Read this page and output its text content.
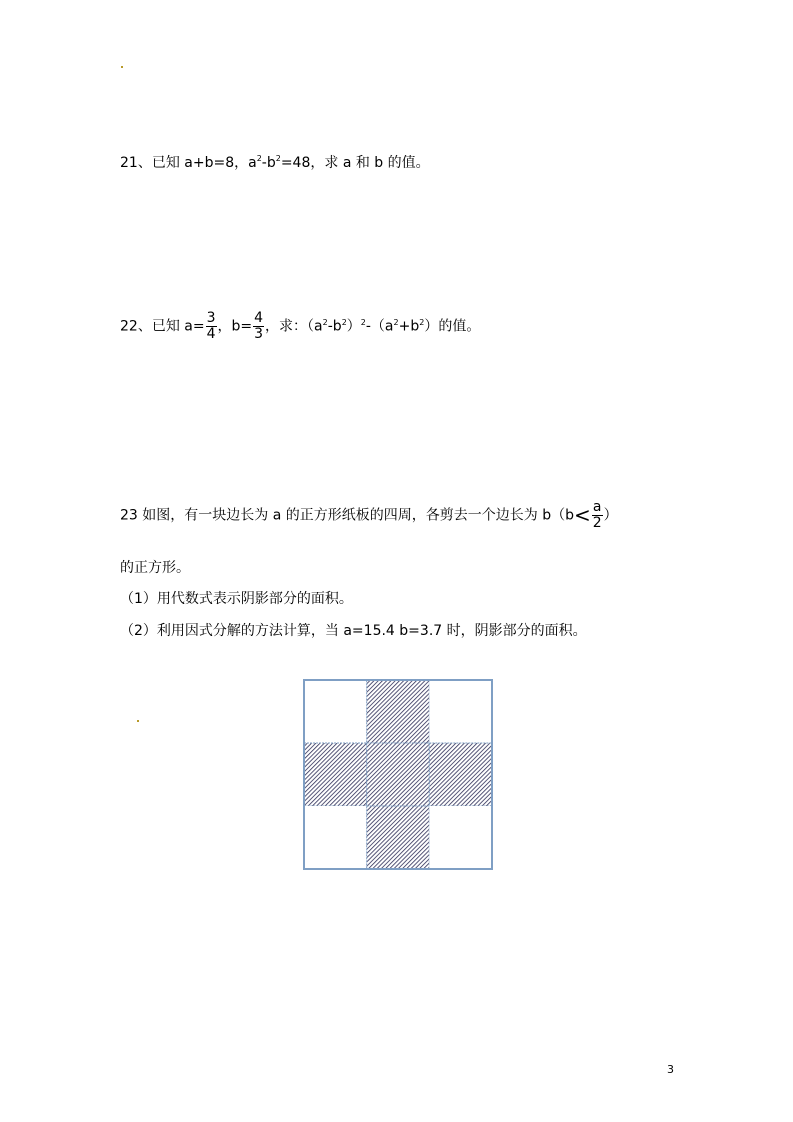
21、已知 a+b=8，$a^2-b^2=48$，求 a 和 b 的值。
22、已知 $a= \frac{3}{4}$ ，$b= \frac{4}{3}$ ，求：$(a^2-b^2)^2-(a^2+b^2)$的值。
23 如图，有一块边长为 a 的正方形纸板的四周，各剪去一个边长为 $b(b< \frac{a}{2}$ ）
的正方形。
（1）用代数式表示阴影部分的面积。
（2）利用因式分解的方法计算，当 a=15.4 b=3.7 时，阴影部分的面积。
3
